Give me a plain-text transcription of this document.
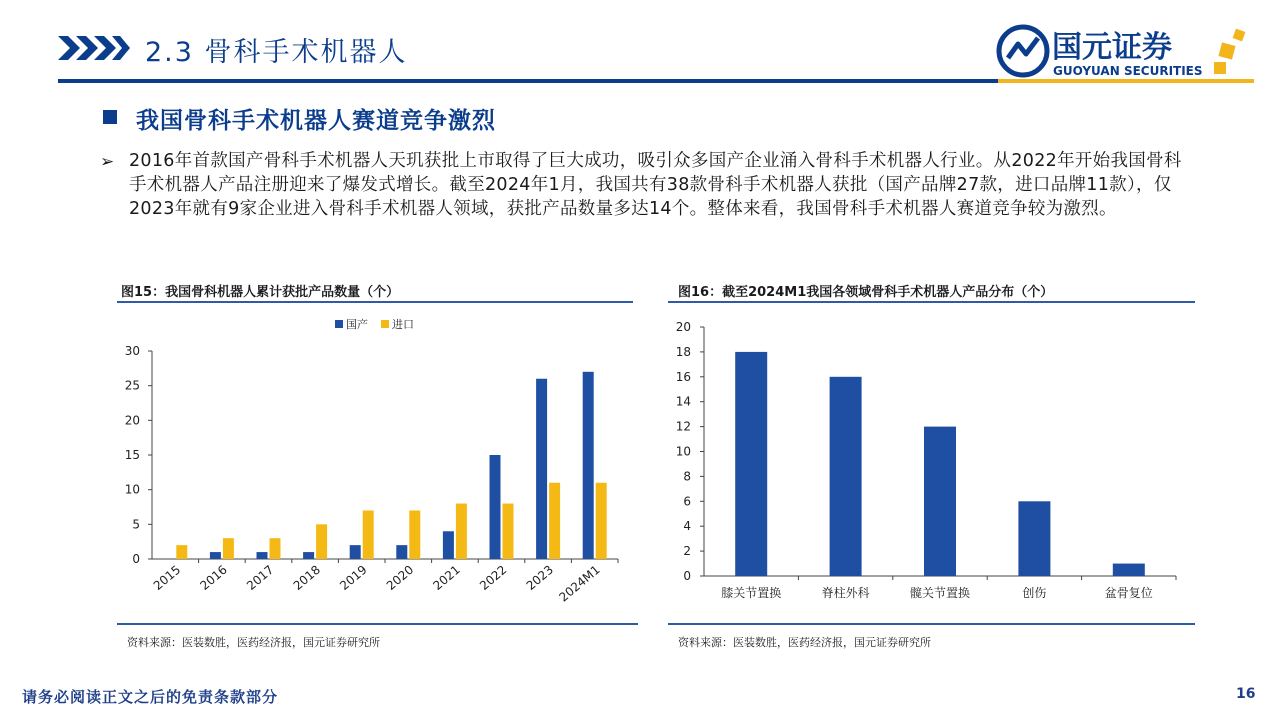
2.3 骨科手术机器人	国元证券
GUOYUAN SECURITIES
我国骨科手术机器人赛道竞争激烈
➢ 2016年首款国产骨科手术机器人天玑获批上市取得了巨大成功，吸引众多国产企业涌入骨科手术机器人行业。从2022年开始我国骨科手术机器人产品注册迎来了爆发式增长。截至2024年1月，我国共有38款骨科手术机器人获批（国产品牌27款，进口品牌11款），仅2023年就有9家企业进入骨科手术机器人领域，获批产品数量多达14个。整体来看，我国骨科手术机器人赛道竞争较为激烈。
图15：我国骨科机器人累计获批产品数量（个）
0
5
10
15
20
25
30
2015 2016 2017 2018 2019 2020 2021 2022 2023 2024M1
国产 进口
资料来源：医装数胜，医药经济报，国元证券研究所
图16：截至2024M1我国各领域骨科手术机器人产品分布（个）
0
2
4
6
8
10
12
14
16
18
20
膝关节置换	脊柱外科	髋关节置换	创伤	盆骨复位
资料来源：医装数胜，医药经济报，国元证券研究所
请务必阅读正文之后的免责条款部分	16
